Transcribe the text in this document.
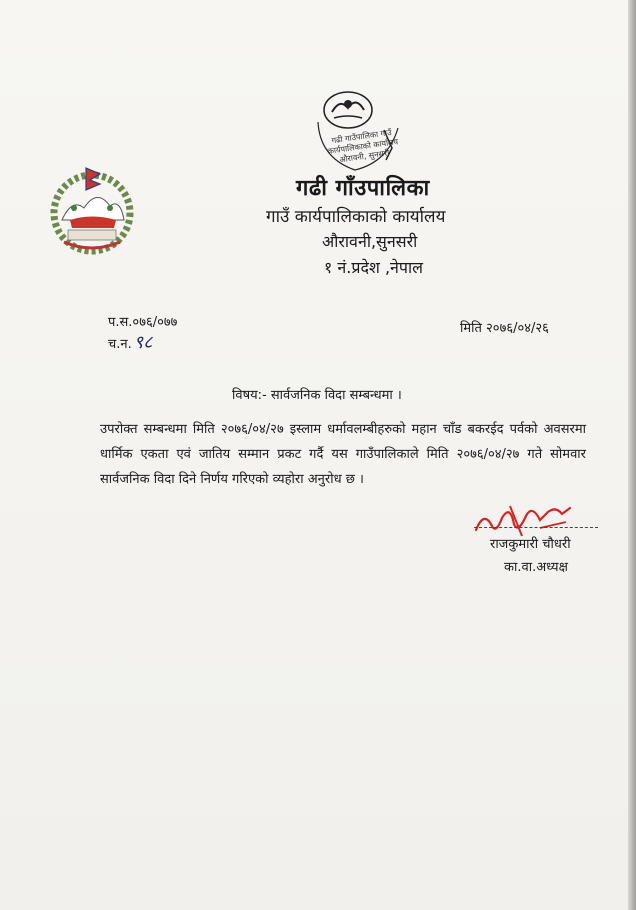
गढी गाउँपालिका गाउँ कार्यपालिकाको कार्यालय औरावनी, सुनसरी
गढी गाँउपालिका
गाउँ कार्यपालिकाको कार्यालय
औरावनी,सुनसरी
१ नं.प्रदेश ,नेपाल
प.स.०७६/०७७
च.न. ९८
मिति २०७६/०४/२६
विषय:- सार्वजनिक विदा सम्बन्धमा ।
उपरोक्त सम्बन्धमा मिति २०७६/०४/२७ इस्लाम धर्मावलम्बीहरुको महान चाँड बकरईद पर्वको अवसरमा धार्मिक एकता एवं जातिय सम्मान प्रकट गर्दै यस गाउँपालिकाले मिति २०७६/०४/२७ गते सोमवार सार्वजनिक विदा दिने निर्णय गरिएको व्यहोरा अनुरोध छ ।
राजकुमारी चौधरी
का.वा.अध्यक्ष
